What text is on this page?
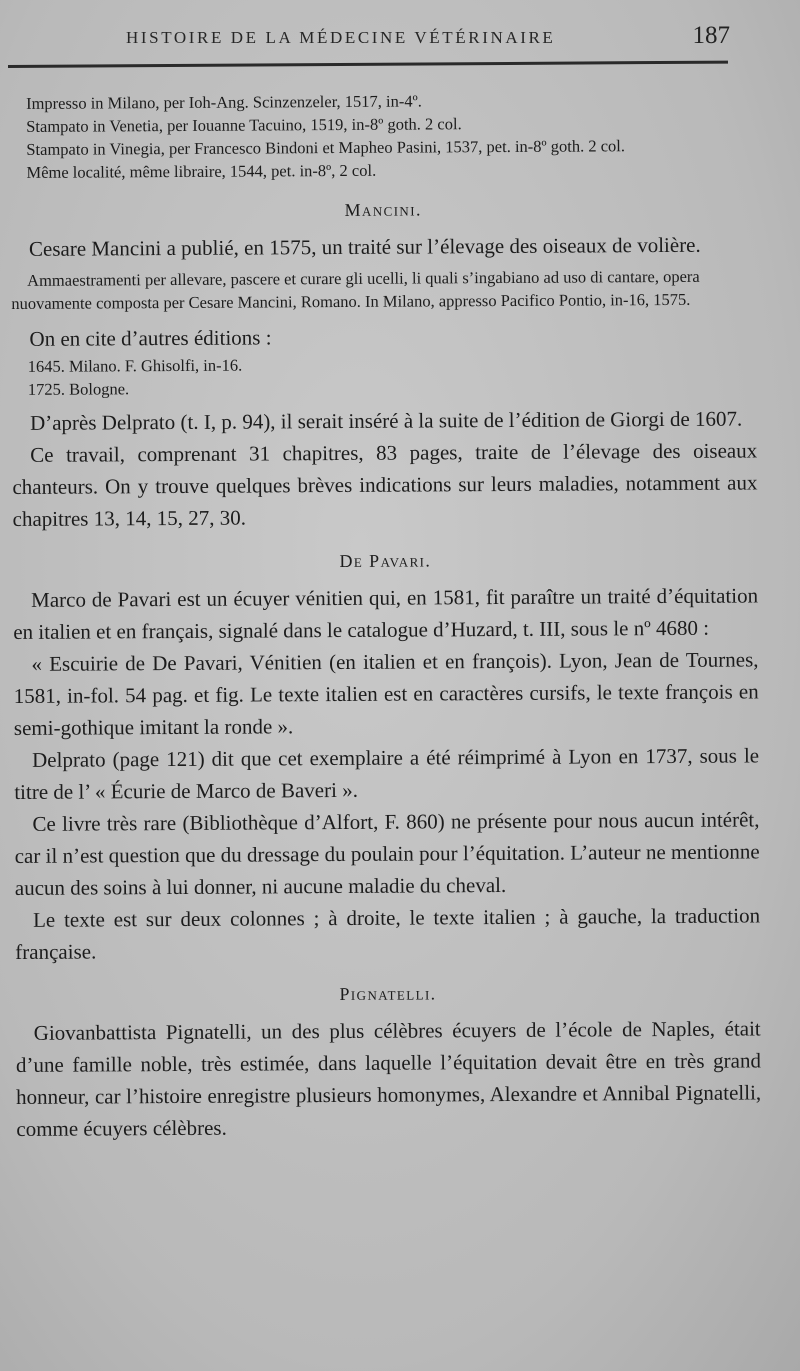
HISTOIRE DE LA MÉDECINE VÉTÉRINAIRE	187

Impresso in Milano, per Ioh-Ang. Scinzenzeler, 1517, in-4º.

Stampato in Venetia, per Iouanne Tacuino, 1519, in-8º goth. 2 col.

Stampato in Vinegia, per Francesco Bindoni et Mapheo Pasini, 1537, pet. in-8º goth. 2 col.

Même localité, même libraire, 1544, pet. in-8º, 2 col.

Mancini.

Cesare Mancini a publié, en 1575, un traité sur l’élevage des oiseaux de volière.

Ammaestramenti per allevare, pascere et curare gli ucelli, li quali s’ingabiano ad uso di cantare, opera nuovamente composta per Cesare Mancini, Romano. In Milano, appresso Pacifico Pontio, in-16, 1575.

On en cite d’autres éditions :

1645. Milano. F. Ghisolfi, in-16.

1725. Bologne.

D’après Delprato (t. I, p. 94), il serait inséré à la suite de l’édition de Giorgi de 1607.

Ce travail, comprenant 31 chapitres, 83 pages, traite de l’élevage des oiseaux chanteurs. On y trouve quelques brèves indications sur leurs maladies, notamment aux chapitres 13, 14, 15, 27, 30.

De Pavari.

Marco de Pavari est un écuyer vénitien qui, en 1581, fit paraître un traité d’équitation en italien et en français, signalé dans le catalogue d’Huzard, t. III, sous le nº 4680 :

« Escuirie de De Pavari, Vénitien (en italien et en françois). Lyon, Jean de Tournes, 1581, in-fol. 54 pag. et fig. Le texte italien est en caractères cursifs, le texte françois en semi-gothique imitant la ronde ».

Delprato (page 121) dit que cet exemplaire a été réimprimé à Lyon en 1737, sous le titre de l’ « Écurie de Marco de Baveri ».

Ce livre très rare (Bibliothèque d’Alfort, F. 860) ne présente pour nous aucun intérêt, car il n’est question que du dressage du poulain pour l’équitation. L’auteur ne mentionne aucun des soins à lui donner, ni aucune maladie du cheval.

Le texte est sur deux colonnes ; à droite, le texte italien ; à gauche, la traduction française.

Pignatelli.

Giovanbattista Pignatelli, un des plus célèbres écuyers de l’école de Naples, était d’une famille noble, très estimée, dans laquelle l’équitation devait être en très grand honneur, car l’histoire enregistre plusieurs homonymes, Alexandre et Annibal Pignatelli, comme écuyers célèbres.
